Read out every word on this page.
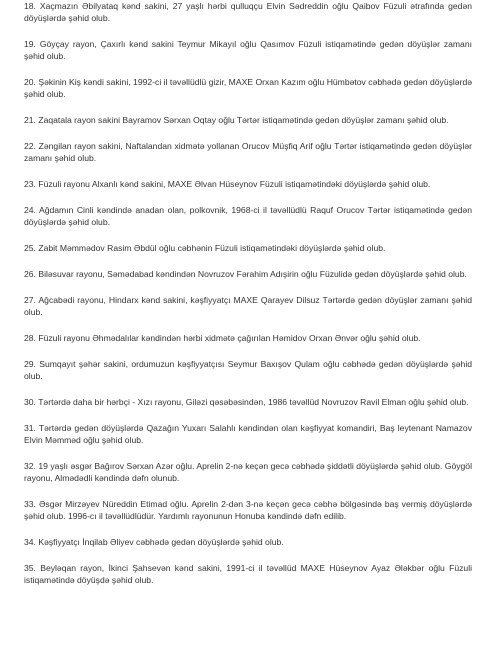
18. Xaçmazın Əbilyataq kənd sakini, 27 yaşlı hərbi qulluqçu Elvin Sədreddin oğlu Qaibov Füzuli ətrafında gedən döyüşlərdə şəhid olub.

19. Göyçay rayon, Çaxırlı kənd sakini Teymur Mikayıl oğlu Qasımov Füzuli istiqamətində gedən döyüşlər zamanı şəhid olub.

20. Şəkinin Kiş kəndi sakini, 1992-ci il təvəllüdlü gizir, MAXE Orxan Kazım oğlu Hümbətov cəbhədə gedən döyüşlərdə şəhid olub.

21. Zaqatala rayon sakini Bayramov Sərxan Oqtay oğlu Tərtər istiqamətində gedən döyüşlər zamanı şəhid olub.

22. Zəngilan rayon sakini, Naftalandan xidmətə yollanan Orucov Müşfiq Arif oğlu Tərtər istiqamətində gedən döyüşlər zamanı şəhid olub.

23. Füzuli rayonu Alxanlı kənd sakini, MAXE Əlvan Hüseynov Füzuli istiqamətindəki döyüşlərdə şəhid olub.

24. Ağdamın Cinli kəndində anadan olan, polkovnik, 1968-ci il təvəllüdlü Raquf Orucov Tərtər istiqamətində gedən döyüşlərdə şəhid olub.

25. Zabit Məmmədov Rasim Əbdül oğlu cəbhənin Füzuli istiqamətindəki döyüşlərdə şəhid olub.

26. Biləsuvar rayonu, Səmədabad kəndindən Novruzov Fərahim Adışirin oğlu Füzulidə gedən döyüşlərdə şəhid olub.

27. Ağcabədi rayonu, Hindarx kənd sakini, kəşfiyyatçı MAXE Qarayev Dilsuz Tərtərdə gedən döyüşlər zamanı şəhid olub.

28. Füzuli rayonu Əhmədalılar kəndindən hərbi xidmətə çağırılan Həmidov Orxan Ənvər oğlu şəhid olub.

29. Sumqayıt şəhər sakini, ordumuzun kəşfiyyatçısı Seymur Baxışov Qulam oğlu cəbhədə gedən döyüşlərdə şəhid olub.

30. Tərtərdə daha bir hərbçi - Xızı rayonu, Giləzi qəsəbəsindən, 1986 təvəllüd Novruzov Ravil Elman oğlu şəhid olub.

31. Tərtərdə gedən döyüşlərdə Qazağın Yuxarı Salahlı kəndindən olan kəşfiyyat komandiri, Baş leytenant Namazov Elvin Məmməd oğlu şəhid olub.

32. 19 yaşlı əsgər Bağırov Sərxan Azər oğlu. Aprelin 2-nə keçən gecə cəbhədə şiddətli döyüşlərdə şəhid olub. Göygöl rayonu, Almədədli kəndində dəfn olunub.

33. Əsgər Mirzəyev Nüreddin Etimad oğlu. Aprelin 2-dən 3-nə keçən gecə cəbhə bölgəsində baş vermiş döyüşlərdə şəhid olub. 1996-cı il təvəllüdlüdür. Yardımlı rayonunun Honuba kəndində dəfn edilib.

34. Kəşfiyyatçı İnqilab Əliyev cəbhədə gedən döyüşlərdə şəhid olub.

35. Beyləqan rayon, İkinci Şahsevən kənd sakini, 1991-ci il təvəllüd MAXE Hüseynov Ayaz Ələkbər oğlu Füzuli istiqamətində döyüşdə şəhid olub.
